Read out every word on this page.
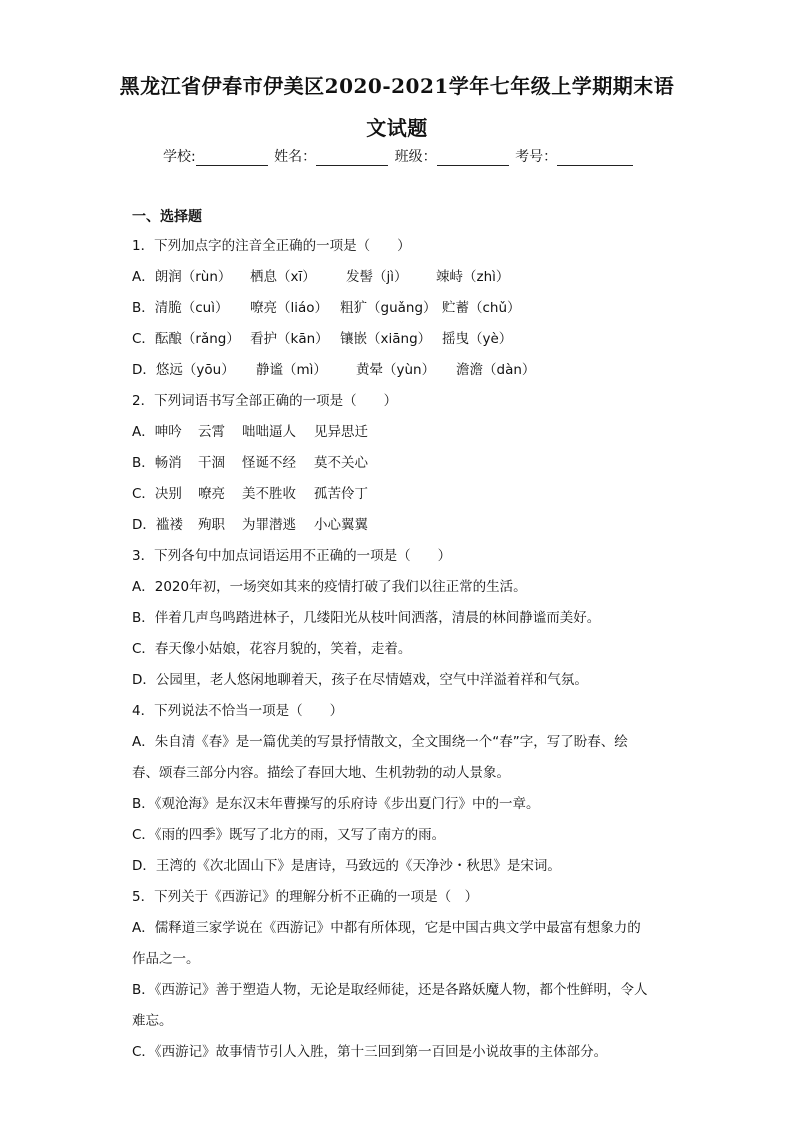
黑龙江省伊春市伊美区2020-2021学年七年级上学期期末语
文试题
学校:	姓名：	班级：	考号：
一、选择题
1．下列加点字的注音全正确的一项是（　　）
A．朗润（rùn） 栖息（xī） 发髻（jì） 竦峙（zhì）
B．清脆（cuì） 嘹亮（liáo） 粗犷（guǎng） 贮蓄（chǔ）
C．酝酿（rǎng） 看护（kān） 镶嵌（xiāng） 摇曳（yè）
D．悠远（yōu） 静谧（mì） 黄晕（yùn） 澹澹（dàn）
2．下列词语书写全部正确的一项是（　　）
A．呻吟 云霄 咄咄逼人 见异思迁
B．畅消 干涸 怪诞不经 莫不关心
C．决别 嘹亮 美不胜收 孤苦伶丁
D．褴褛 殉职 为罪潜逃 小心翼翼
3．下列各句中加点词语运用不正确的一项是（　　）
A．2020年初，一场突如其来的疫情打破了我们以往正常的生活。
B．伴着几声鸟鸣踏进林子，几缕阳光从枝叶间洒落，清晨的林间静谧而美好。
C．春天像小姑娘，花容月貌的，笑着，走着。
D．公园里，老人悠闲地聊着天，孩子在尽情嬉戏，空气中洋溢着祥和气氛。
4．下列说法不恰当一项是（　　）
A．朱自清《春》是一篇优美的写景抒情散文，全文围绕一个“春”字，写了盼春、绘
春、颂春三部分内容。描绘了春回大地、生机勃勃的动人景象。
B．《观沧海》是东汉末年曹操写的乐府诗《步出夏门行》中的一章。
C．《雨的四季》既写了北方的雨，又写了南方的雨。
D．王湾的《次北固山下》是唐诗，马致远的《天净沙・秋思》是宋词。
5．下列关于《西游记》的理解分析不正确的一项是（　）
A．儒释道三家学说在《西游记》中都有所体现，它是中国古典文学中最富有想象力的
作品之一。
B．《西游记》善于塑造人物，无论是取经师徒，还是各路妖魔人物，都个性鲜明，令人
难忘。
C．《西游记》故事情节引人入胜，第十三回到第一百回是小说故事的主体部分。
